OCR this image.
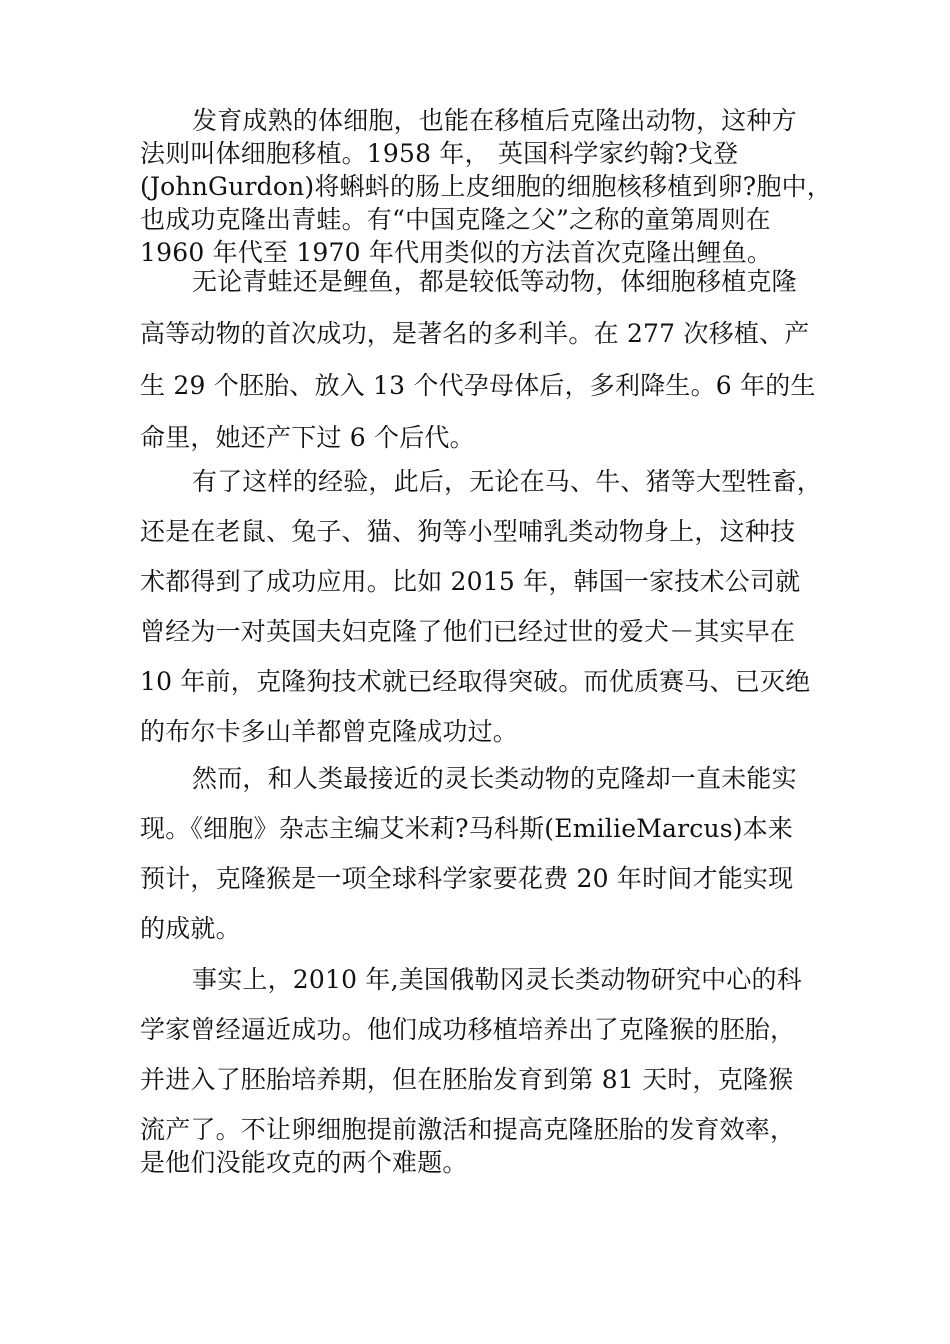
发育成熟的体细胞，也能在移植后克隆出动物，这种方
法则叫体细胞移植。1958 年， 英国科学家约翰?戈登
(JohnGurdon)将蝌蚪的肠上皮细胞的细胞核移植到卵?胞中，
也成功克隆出青蛙。有“中国克隆之父”之称的童第周则在
1960 年代至 1970 年代用类似的方法首次克隆出鲤鱼。
无论青蛙还是鲤鱼，都是较低等动物，体细胞移植克隆
高等动物的首次成功，是著名的多利羊。在 277 次移植、产
生 29 个胚胎、放入 13 个代孕母体后，多利降生。6 年的生
命里，她还产下过 6 个后代。
有了这样的经验，此后，无论在马、牛、猪等大型牲畜，
还是在老鼠、兔子、猫、狗等小型哺乳类动物身上，这种技
术都得到了成功应用。比如 2015 年，韩国一家技术公司就
曾经为一对英国夫妇克隆了他们已经过世的爱犬－其实早在
10 年前，克隆狗技术就已经取得突破。而优质赛马、已灭绝
的布尔卡多山羊都曾克隆成功过。
然而，和人类最接近的灵长类动物的克隆却一直未能实
现。《细胞》杂志主编艾米莉?马科斯(EmilieMarcus)本来
预计，克隆猴是一项全球科学家要花费 20 年时间才能实现
的成就。
事实上，2010 年,美国俄勒冈灵长类动物研究中心的科
学家曾经逼近成功。他们成功移植培养出了克隆猴的胚胎，
并进入了胚胎培养期，但在胚胎发育到第 81 天时，克隆猴
流产了。不让卵细胞提前激活和提高克隆胚胎的发育效率，
是他们没能攻克的两个难题。
